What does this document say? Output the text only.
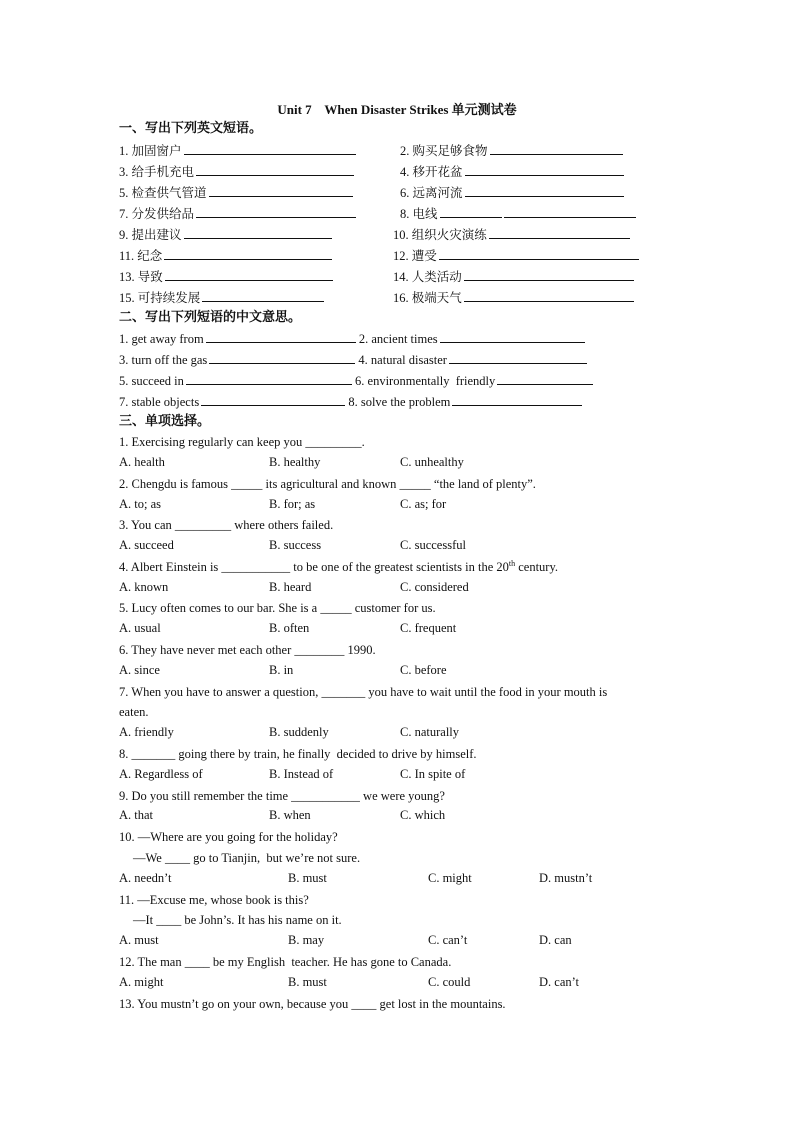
Unit 7    When Disaster Strikes 单元测试卷
一、写出下列英文短语。
1. 加固窗户	2. 购买足够食物
3. 给手机充电	4. 移开花盆
5. 检查供气管道	6. 远离河流
7. 分发供给品	8. 电线
9. 提出建议	10. 组织火灾演练
11. 纪念	12. 遭受
13. 导致	14. 人类活动
15. 可持续发展	16. 极端天气
二、写出下列短语的中文意思。
1. get away from	2. ancient times
3. turn off the gas	4. natural disaster
5. succeed in	6. environmentally  friendly
7. stable objects	8. solve the problem
三、单项选择。
1. Exercising regularly can keep you _________.
A. health	B. healthy	C. unhealthy
2. Chengdu is famous _____ its agricultural and known _____ “the land of plenty”.
A. to; as	B. for; as	C. as; for
3. You can _________ where others failed.
A. succeed	B. success	C. successful
4. Albert Einstein is ___________ to be one of the greatest scientists in the 20th century.
A. known	B. heard	C. considered
5. Lucy often comes to our bar. She is a _____ customer for us.
A. usual	B. often	C. frequent
6. They have never met each other ________ 1990.
A. since	B. in	C. before
7. When you have to answer a question, _______ you have to wait until the food in your mouth is
eaten.
A. friendly	B. suddenly	C. naturally
8. _______ going there by train, he finally  decided to drive by himself.
A. Regardless of	B. Instead of	C. In spite of
9. Do you still remember the time ___________ we were young?
A. that	B. when	C. which
10. —Where are you going for the holiday?
—We ____ go to Tianjin,  but we’re not sure.
A. needn’t	B. must	C. might	D. mustn’t
11. —Excuse me, whose book is this?
—It ____ be John’s. It has his name on it.
A. must	B. may	C. can’t	D. can
12. The man ____ be my English  teacher. He has gone to Canada.
A. might	B. must	C. could	D. can’t
13. You mustn’t go on your own, because you ____ get lost in the mountains.
